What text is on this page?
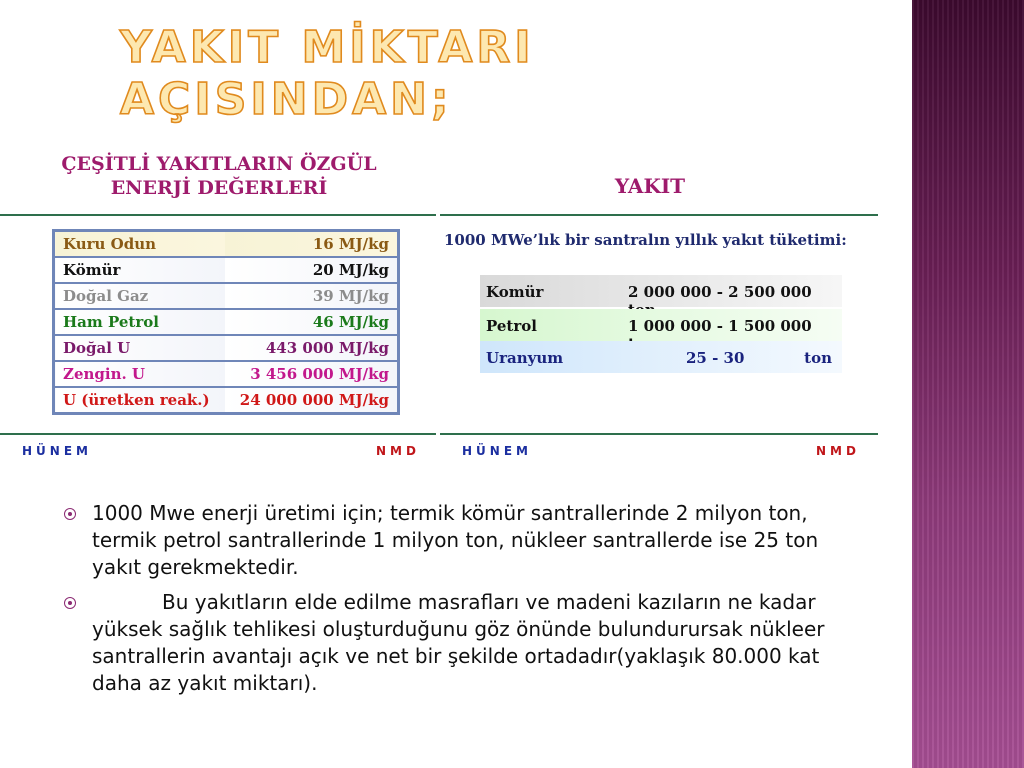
YAKIT MİKTARI
AÇISINDAN;
ÇEŞİTLİ YAKITLARIN ÖZGÜL
ENERJİ DEĞERLERİ
Kuru Odun	16 MJ/kg
Kömür	20 MJ/kg
Doğal Gaz	39 MJ/kg
Ham Petrol	46 MJ/kg
Doğal U	443 000 MJ/kg
Zengin. U	3 456 000 MJ/kg
U (üretken reak.)	24 000 000 MJ/kg
HÜNEM	NMD
YAKIT
1000 MWe’lık bir santralın yıllık yakıt tüketimi:
Komür	2 000 000 - 2 500 000
Petrol	1 000 000 - 1 500 000
Uranyum	25 - 30	ton
HÜNEM	NMD
1000 Mwe enerji üretimi için; termik kömür santrallerinde 2 milyon ton, termik petrol santrallerinde 1 milyon ton, nükleer santrallerde ise 25 ton yakıt gerekmektedir.
Bu yakıtların elde edilme masrafları ve madeni kazıların ne kadar yüksek sağlık tehlikesi oluşturduğunu göz önünde bulundurursak nükleer santrallerin avantajı açık ve net bir şekilde ortadadır(yaklaşık 80.000 kat daha az yakıt miktarı).
